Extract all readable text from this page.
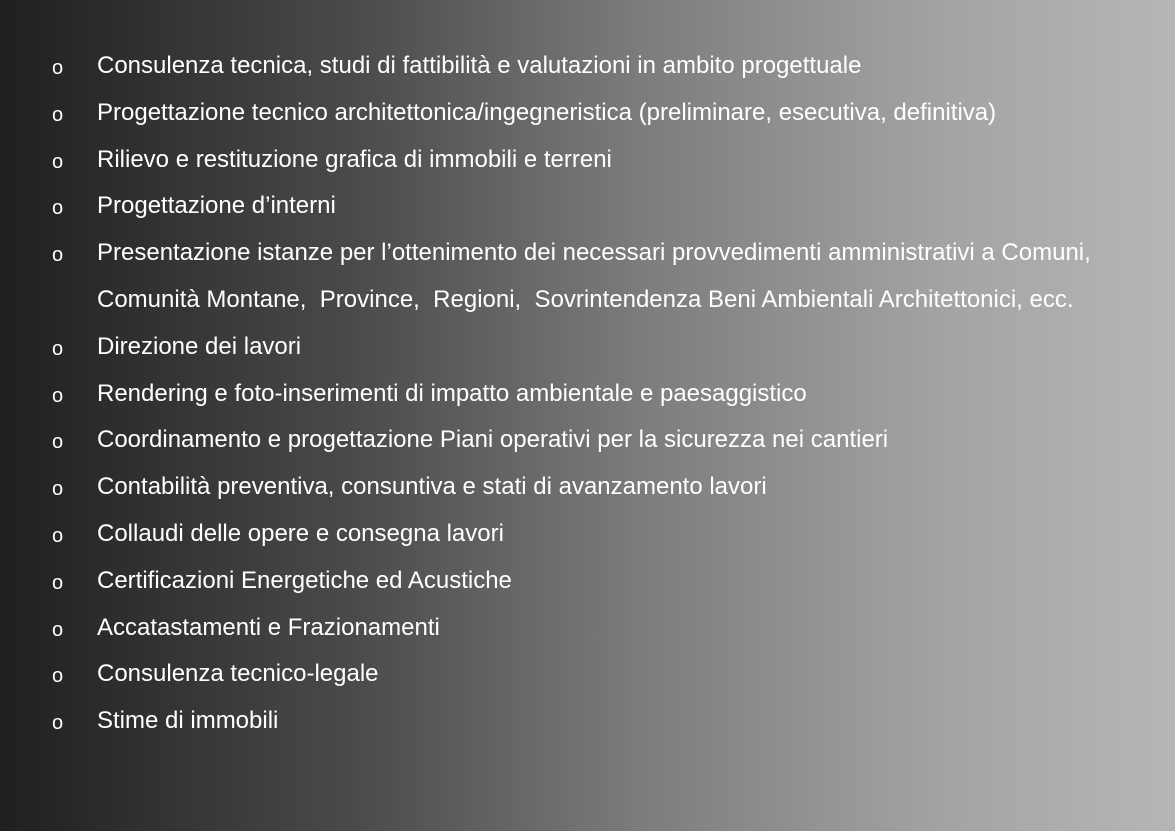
o Consulenza tecnica, studi di fattibilità e valutazioni in ambito progettuale
o Progettazione tecnico architettonica/ingegneristica (preliminare, esecutiva, definitiva)
o Rilievo e restituzione grafica di immobili e terreni
o Progettazione d’interni
o Presentazione istanze per l’ottenimento dei necessari provvedimenti amministrativi a Comuni, Comunità Montane,  Province,  Regioni,  Sovrintendenza Beni Ambientali Architettonici, ecc.
o Direzione dei lavori
o Rendering e foto-inserimenti di impatto ambientale e paesaggistico
o Coordinamento e progettazione Piani operativi per la sicurezza nei cantieri
o Contabilità preventiva, consuntiva e stati di avanzamento lavori
o Collaudi delle opere e consegna lavori
o Certificazioni Energetiche ed Acustiche
o Accatastamenti e Frazionamenti
o Consulenza tecnico-legale
o Stime di immobili
